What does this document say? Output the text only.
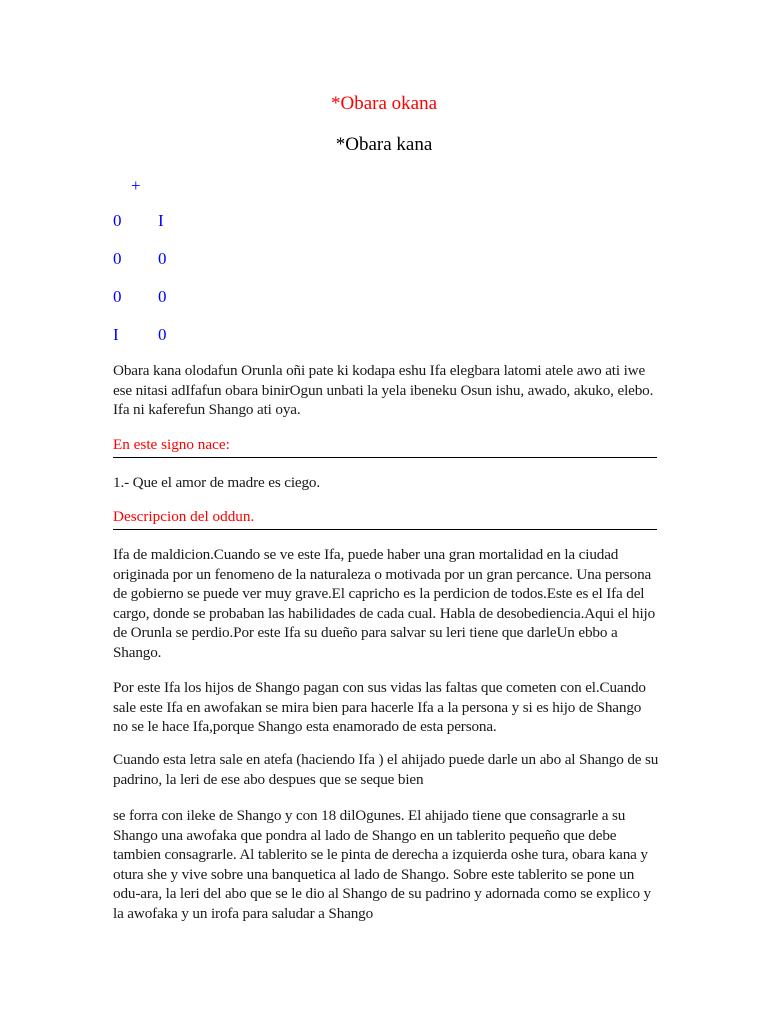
*Obara okana
*Obara kana
+
0 I
0 0
0 0
I 0

Obara kana olodafun Orunla oñi pate ki kodapa eshu Ifa elegbara latomi atele awo ati iwe ese nitasi adIfafun obara binirOgun unbati la yela ibeneku Osun ishu, awado, akuko, elebo. Ifa ni kaferefun Shango ati oya.

En este signo nace:

1.- Que el amor de madre es ciego.

Descripcion del oddun.

Ifa de maldicion.Cuando se ve este Ifa, puede haber una gran mortalidad en la ciudad originada por un fenomeno de la naturaleza o motivada por un gran percance. Una persona de gobierno se puede ver muy grave.El capricho es la perdicion de todos.Este es el Ifa del cargo, donde se probaban las habilidades de cada cual. Habla de desobediencia.Aqui el hijo de Orunla se perdio.Por este Ifa su dueño para salvar su leri tiene que darleUn ebbo a Shango.

Por este Ifa los hijos de Shango pagan con sus vidas las faltas que cometen con el.Cuando sale este Ifa en awofakan se mira bien para hacerle Ifa a la persona y si es hijo de Shango no se le hace Ifa,porque Shango esta enamorado de esta persona.

Cuando esta letra sale en atefa (haciendo Ifa ) el ahijado puede darle un abo al Shango de su padrino, la leri de ese abo despues que se seque bien

se forra con ileke de Shango y con 18 dilOgunes. El ahijado tiene que consagrarle a su Shango una awofaka que pondra al lado de Shango en un tablerito pequeño que debe tambien consagrarle. Al tablerito se le pinta de derecha a izquierda oshe tura, obara kana y otura she y vive sobre una banquetica al lado de Shango. Sobre este tablerito se pone un odu-ara, la leri del abo que se le dio al Shango de su padrino y adornada como se explico y la awofaka y un irofa para saludar a Shango
